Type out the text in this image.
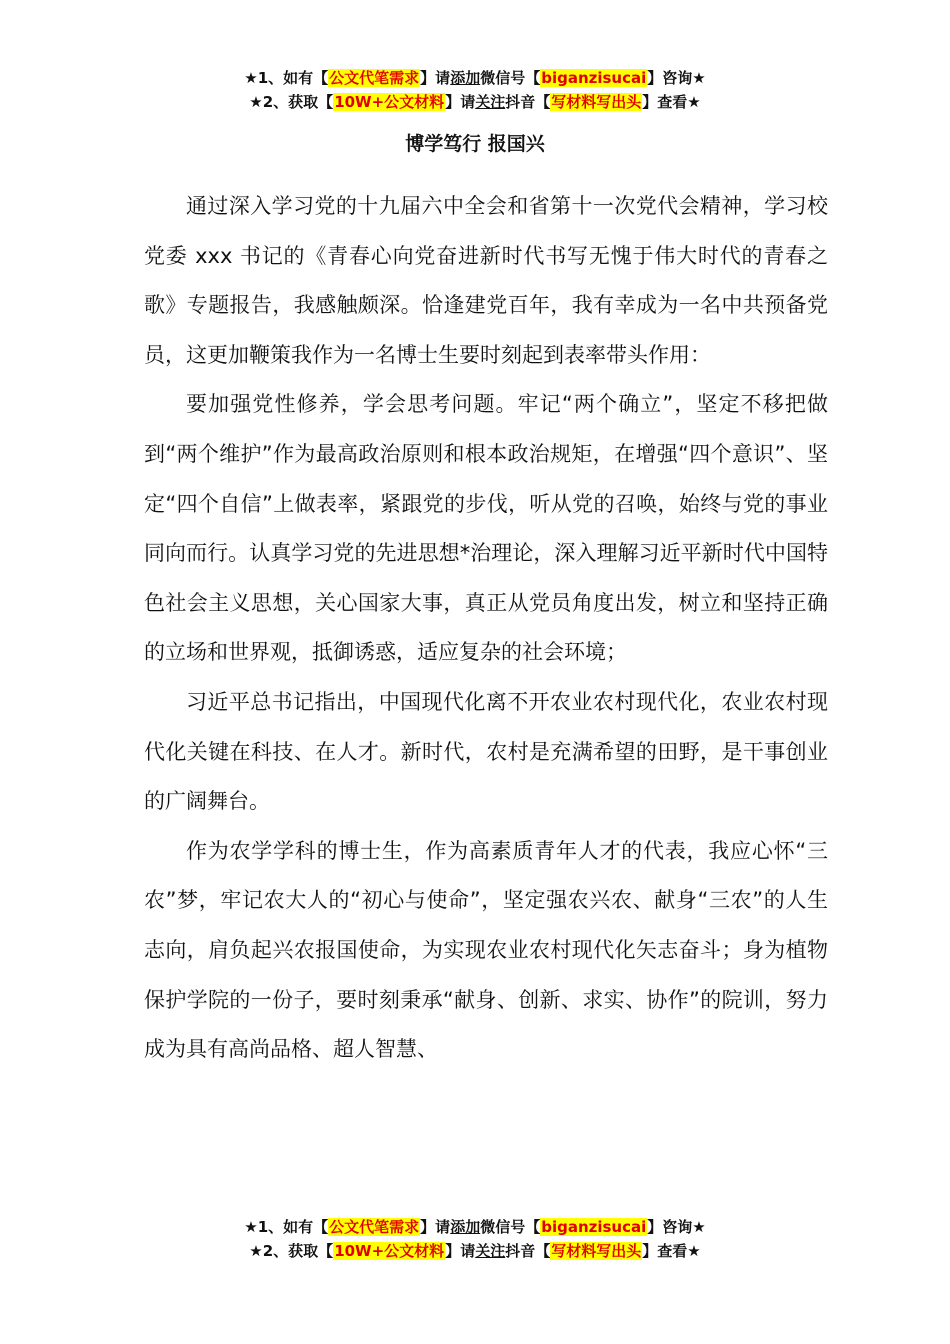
★1、如有【公文代笔需求】请添加微信号【biganzisucai】咨询★
★2、获取【10W+公文材料】请关注抖音【写材料写出头】查看★
博学笃行 报国兴

通过深入学习党的十九届六中全会和省第十一次党代会精神，学习校党委 xxx 书记的《青春心向党奋进新时代书写无愧于伟大时代的青春之歌》专题报告，我感触颇深。恰逢建党百年，我有幸成为一名中共预备党员，这更加鞭策我作为一名博士生要时刻起到表率带头作用：

要加强党性修养，学会思考问题。牢记“两个确立”，坚定不移把做到“两个维护”作为最高政治原则和根本政治规矩，在增强“四个意识”、坚定“四个自信”上做表率，紧跟党的步伐，听从党的召唤，始终与党的事业同向而行。认真学习党的先进思想*治理论，深入理解习近平新时代中国特色社会主义思想，关心国家大事，真正从党员角度出发，树立和坚持正确的立场和世界观，抵御诱惑，适应复杂的社会环境；

习近平总书记指出，中国现代化离不开农业农村现代化，农业农村现代化关键在科技、在人才。新时代，农村是充满希望的田野，是干事创业的广阔舞台。

作为农学学科的博士生，作为高素质青年人才的代表，我应心怀“三农”梦，牢记农大人的“初心与使命”，坚定强农兴农、献身“三农”的人生志向，肩负起兴农报国使命，为实现农业农村现代化矢志奋斗；身为植物保护学院的一份子，要时刻秉承“献身、创新、求实、协作”的院训，努力成为具有高尚品格、超人智慧、

★1、如有【公文代笔需求】请添加微信号【biganzisucai】咨询★
★2、获取【10W+公文材料】请关注抖音【写材料写出头】查看★
